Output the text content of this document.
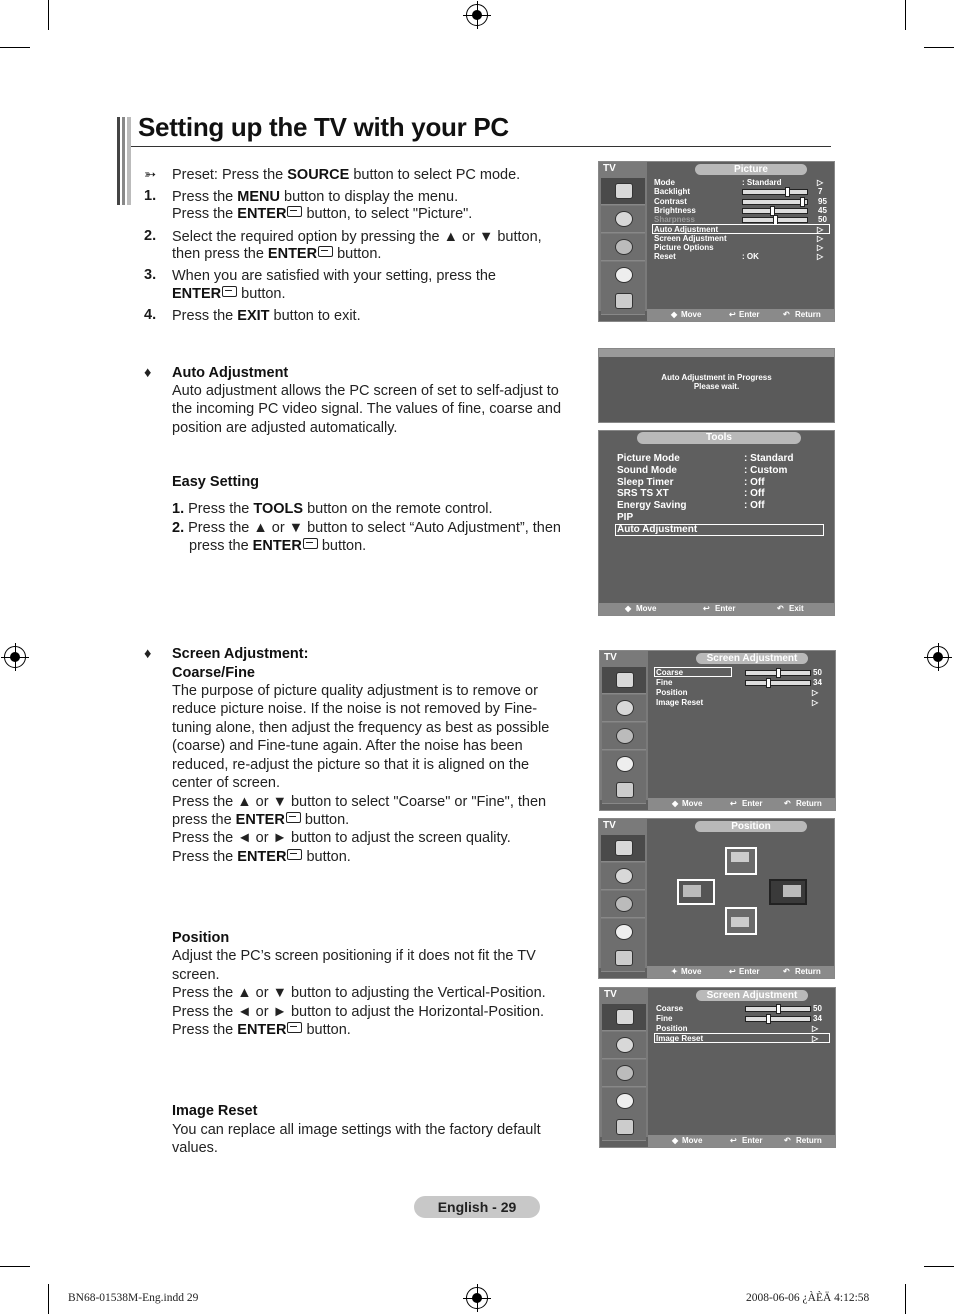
Setting up the TV with your PC
➳ Preset: Press the SOURCE button to select PC mode.
1. Press the MENU button to display the menu.
Press the ENTER button, to select "Picture".
2. Select the required option by pressing the ▲ or ▼ button,
then press the ENTER button.
3. When you are satisfied with your setting, press the
ENTER button.
4. Press the EXIT button to exit.
♦ Auto Adjustment
Auto adjustment allows the PC screen of set to self-adjust to
the incoming PC video signal. The values of fine, coarse and
position are adjusted automatically.
Easy Setting
1. Press the TOOLS button on the remote control.
2. Press the ▲ or ▼ button to select “Auto Adjustment”, then
press the ENTER button.
♦ Screen Adjustment:
Coarse/Fine
The purpose of picture quality adjustment is to remove or
reduce picture noise. If the noise is not removed by Fine-
tuning alone, then adjust the frequency as best as possible
(coarse) and Fine-tune again. After the noise has been
reduced, re-adjust the picture so that it is aligned on the
center of screen.
Press the ▲ or ▼ button to select "Coarse" or "Fine", then
press the ENTER button.
Press the ◄ or ► button to adjust the screen quality.
Press the ENTER button.
Position
Adjust the PC’s screen positioning if it does not fit the TV
screen.
Press the ▲ or ▼ button to adjusting the Vertical-Position.
Press the ◄ or ► button to adjust the Horizontal-Position.
Press the ENTER button.
Image Reset
You can replace all image settings with the factory default
values.
TV	Picture
Mode	: Standard	▷
Backlight	7
Contrast	95
Brightness	45
Sharpness	50
Auto Adjustment	▷
Screen Adjustment	▷
Picture Options	▷
Reset	: OK	▷
◆ Move	↩ Enter	↶ Return
Auto Adjustment in Progress
Please wait.
Tools
Picture Mode	: Standard
Sound Mode	: Custom
Sleep Timer	: Off
SRS TS XT	: Off
Energy Saving	: Off
PIP
Auto Adjustment
◆ Move	↩ Enter	↶ Exit
TV	Screen Adjustment
Coarse	50
Fine	34
Position	▷
Image Reset	▷
◆ Move	↩ Enter	↶ Return
TV	Position
✦ Move	↩ Enter	↶ Return
TV	Screen Adjustment
Coarse	50
Fine	34
Position	▷
Image Reset	▷
◆ Move	↩ Enter	↶ Return
English - 29
BN68-01538M-Eng.indd 29	2008-06-06 ¿ÀÈÄ 4:12:58
